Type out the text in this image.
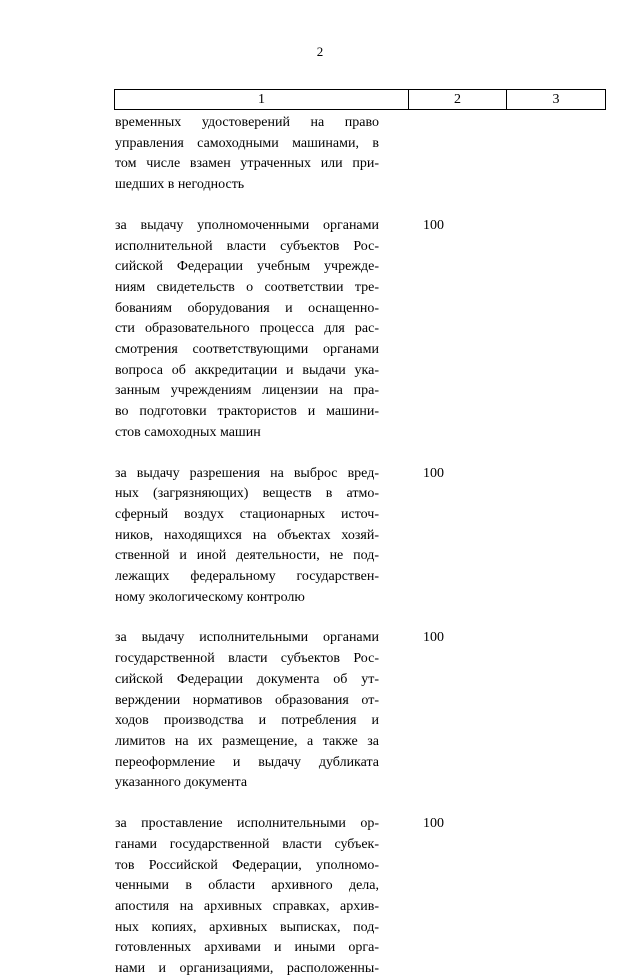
2
1	2	3
временных удостоверений на право
управления самоходными машинами, в
том числе взамен утраченных или при-
шедших в негодность
за выдачу уполномоченными органами
исполнительной власти субъектов Рос-
сийской Федерации учебным учрежде-
ниям свидетельств о соответствии тре-
бованиям оборудования и оснащенно-
сти образовательного процесса для рас-
смотрения соответствующими органами
вопроса об аккредитации и выдачи ука-
занным учреждениям лицензии на пра-
во подготовки трактористов и машини-
стов самоходных машин
100
за выдачу разрешения на выброс вред-
ных (загрязняющих) веществ в атмо-
сферный воздух стационарных источ-
ников, находящихся на объектах хозяй-
ственной и иной деятельности, не под-
лежащих федеральному государствен-
ному экологическому контролю
100
за выдачу исполнительными органами
государственной власти субъектов Рос-
сийской Федерации документа об ут-
верждении нормативов образования от-
ходов производства и потребления и
лимитов на их размещение, а также за
переоформление и выдачу дубликата
указанного документа
100
за проставление исполнительными ор-
ганами государственной власти субъек-
тов Российской Федерации, уполномо-
ченными в области архивного дела,
апостиля на архивных справках, архив-
ных копиях, архивных выписках, под-
готовленных архивами и иными орга-
нами и организациями, расположенны-
100
